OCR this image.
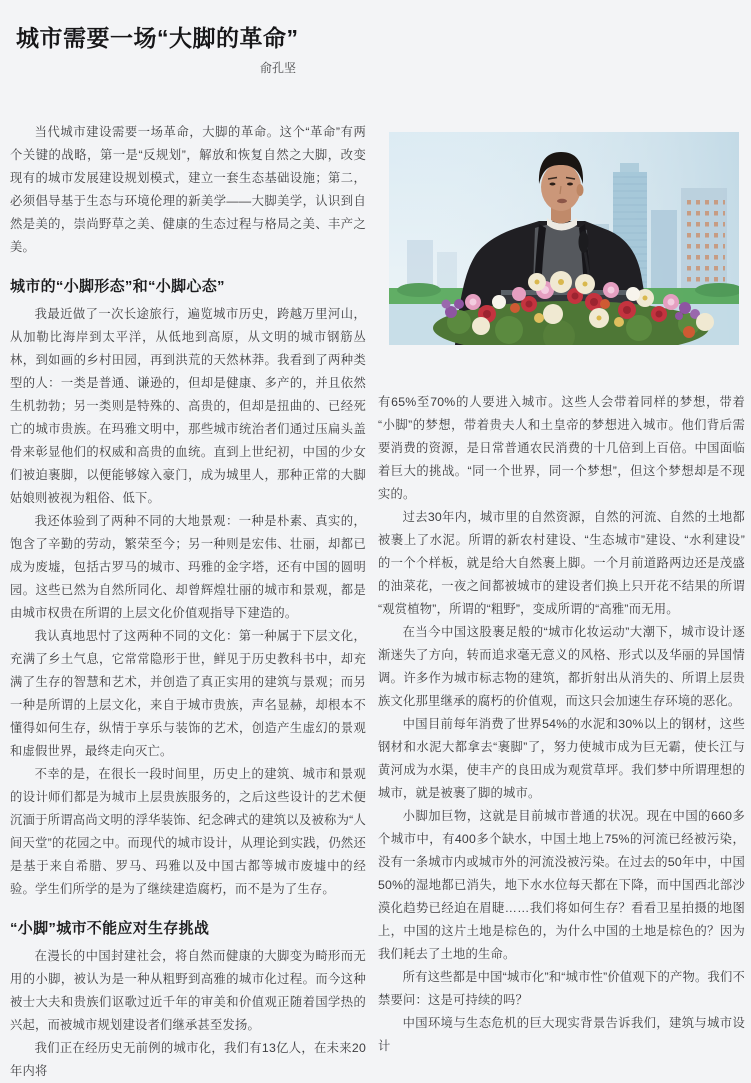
城市需要一场“大脚的革命”
俞孔坚

当代城市建设需要一场革命，大脚的革命。这个“革命”有两个关键的战略，第一是“反规划”，解放和恢复自然之大脚，改变现有的城市发展建设规划模式，建立一套生态基础设施；第二，必须倡导基于生态与环境伦理的新美学——大脚美学，认识到自然是美的，崇尚野草之美、健康的生态过程与格局之美、丰产之美。

城市的“小脚形态”和“小脚心态”

我最近做了一次长途旅行，遍览城市历史，跨越万里河山，从加勒比海岸到太平洋，从低地到高原，从文明的城市钢筋丛林，到如画的乡村田园，再到洪荒的天然林莽。我看到了两种类型的人：一类是普通、谦逊的，但却是健康、多产的，并且依然生机勃勃；另一类则是特殊的、高贵的，但却是扭曲的、已经死亡的城市贵族。在玛雅文明中，那些城市统治者们通过压扁头盖骨来彰显他们的权威和高贵的血统。直到上世纪初，中国的少女们被迫裹脚，以便能够嫁入豪门，成为城里人，那种正常的大脚姑娘则被视为粗俗、低下。

我还体验到了两种不同的大地景观：一种是朴素、真实的，饱含了辛勤的劳动，繁荣至今；另一种则是宏伟、壮丽，却都已成为废墟，包括古罗马的城市、玛雅的金字塔，还有中国的圆明园。这些已然为自然所同化、却曾辉煌壮丽的城市和景观，都是由城市权贵在所谓的上层文化价值观指导下建造的。

我认真地思忖了这两种不同的文化：第一种属于下层文化，充满了乡土气息，它常常隐形于世，鲜见于历史教科书中，却充满了生存的智慧和艺术，并创造了真正实用的建筑与景观；而另一种是所谓的上层文化，来自于城市贵族，声名显赫，却根本不懂得如何生存，纵情于享乐与装饰的艺术，创造产生虚幻的景观和虚假世界，最终走向灭亡。

不幸的是，在很长一段时间里，历史上的建筑、城市和景观的设计师们都是为城市上层贵族服务的，之后这些设计的艺术便沉湎于所谓高尚文明的浮华装饰、纪念碑式的建筑以及被称为“人间天堂”的花园之中。而现代的城市设计，从理论到实践，仍然还是基于来自希腊、罗马、玛雅以及中国古都等城市废墟中的经验。学生们所学的是为了继续建造腐朽，而不是为了生存。

“小脚”城市不能应对生存挑战

在漫长的中国封建社会，将自然而健康的大脚变为畸形而无用的小脚，被认为是一种从粗野到高雅的城市化过程。而今这种被士大夫和贵族们讴歌过近千年的审美和价值观正随着国学热的兴起，而被城市规划建设者们继承甚至发扬。

我们正在经历史无前例的城市化，我们有13亿人，在未来20年内将

有65%至70%的人要进入城市。这些人会带着同样的梦想，带着“小脚”的梦想，带着贵夫人和土皇帝的梦想进入城市。他们背后需要消费的资源，是日常普通农民消费的十几倍到上百倍。中国面临着巨大的挑战。“同一个世界，同一个梦想”，但这个梦想却是不现实的。

过去30年内，城市里的自然资源，自然的河流、自然的土地都被裹上了水泥。所谓的新农村建设、“生态城市”建设、“水利建设”的一个个样板，就是给大自然裹上脚。一个月前道路两边还是茂盛的油菜花，一夜之间都被城市的建设者们换上只开花不结果的所谓“观赏植物”，所谓的“粗野”，变成所谓的“高雅”而无用。

在当今中国这股裹足般的“城市化妆运动”大潮下，城市设计逐渐迷失了方向，转而追求毫无意义的风格、形式以及华丽的异国情调。许多作为城市标志物的建筑，都折射出从消失的、所谓上层贵族文化那里继承的腐朽的价值观，而这只会加速生存环境的恶化。

中国目前每年消费了世界54%的水泥和30%以上的钢材，这些钢材和水泥大都拿去“裹脚”了，努力使城市成为巨无霸，使长江与黄河成为水渠，使丰产的良田成为观赏草坪。我们梦中所谓理想的城市，就是被裹了脚的城市。

小脚加巨物，这就是目前城市普通的状况。现在中国的660多个城市中，有400多个缺水，中国土地上75%的河流已经被污染，没有一条城市内或城市外的河流没被污染。在过去的50年中，中国50%的湿地都已消失，地下水水位每天都在下降，而中国西北部沙漠化趋势已经迫在眉睫……我们将如何生存？看看卫星拍摄的地图上，中国的这片土地是棕色的，为什么中国的土地是棕色的？因为我们耗去了土地的生命。

所有这些都是中国“城市化”和“城市性”价值观下的产物。我们不禁要问：这是可持续的吗？

中国环境与生态危机的巨大现实背景告诉我们，建筑与城市设计
